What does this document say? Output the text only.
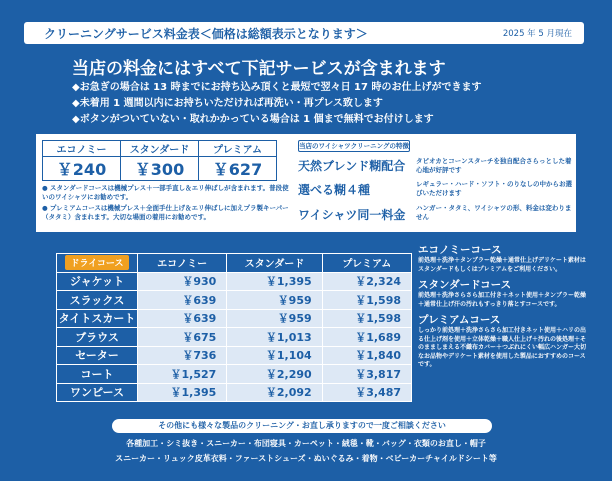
クリーニングサービス料金表＜価格は総額表示となります＞	2025 年 5 月現在
当店の料金にはすべて下記サービスが含まれます
◆お急ぎの場合は 13 時までにお持ち込み頂くと最短で翌々日 17 時のお仕上げができます
◆未着用 1 週間以内にお持ちいただければ再洗い・再プレス致します
◆ボタンがついていない・取れかかっている場合は 1 個まで無料でお付けします
エコノミー	スタンダード	プレミアム
￥240	￥300	￥627
● スタンダードコースは機械プレス＋一部手直し＆エリ伸ばしが含まれます。普段使いのワイシャツにお勧めです。
● プレミアムコースは機械プレス＋全面手仕上げ＆エリ伸ばしに加えプラ製キーパー（タタミ）含まれます。大切な場面の着用にお勧めです。
当店のワイシャツクリーニングの特徴
天然ブレンド糊配合 タピオカとコーンスターチを独自配合さらっとした着心地が好評です
選べる糊４種	レギュラー・ハード・ソフト・のりなしの中からお選びいただけます
ワイシャツ同一料金 ハンガー・タタミ、ワイシャツの形、料金は変わりません
ドライコース	エコノミー	スタンダード	プレミアム
ジャケット	￥930	￥1,395	￥2,324
スラックス	￥639	￥959	￥1,598
タイトスカート	￥639	￥959	￥1,598
ブラウス	￥675	￥1,013	￥1,689
セーター	￥736	￥1,104	￥1,840
コート	￥1,527	￥2,290	￥3,817
ワンピース	￥1,395	￥2,092	￥3,487
エコノミーコース
前処理＋洗浄＋タンブラー乾燥＋通常仕上げデリケート素材はスタンダードもしくはプレミアムをご利用ください。
スタンダードコース
前処理＋洗浄さらさら加工付き＋ネット使用＋タンブラー乾燥＋通常仕上げ汗の汚れもすっきり落とすコースです。
プレミアムコース
しっかり前処理＋洗浄さらさら加工付きネット使用＋ハリの出る仕上げ剤を使用＋立体乾燥＋職人仕上げ＋汚れの後処理＋そのまましまえる不織布カバー＋つぶれにくい幅広ハンガー大切なお品物やデリケート素材を使用した製品におすすめのコースです。
その他にも様々な製品のクリーニング・お直し承りますので一度ご相談ください
各種加工・シミ抜き・スニーカー・布団寝具・カーペット・絨毯・靴・バッグ・衣類のお直し・帽子
スニーカー・リュック皮革衣料・ファーストシューズ・ぬいぐるみ・着物・ベビーカーチャイルドシート等
